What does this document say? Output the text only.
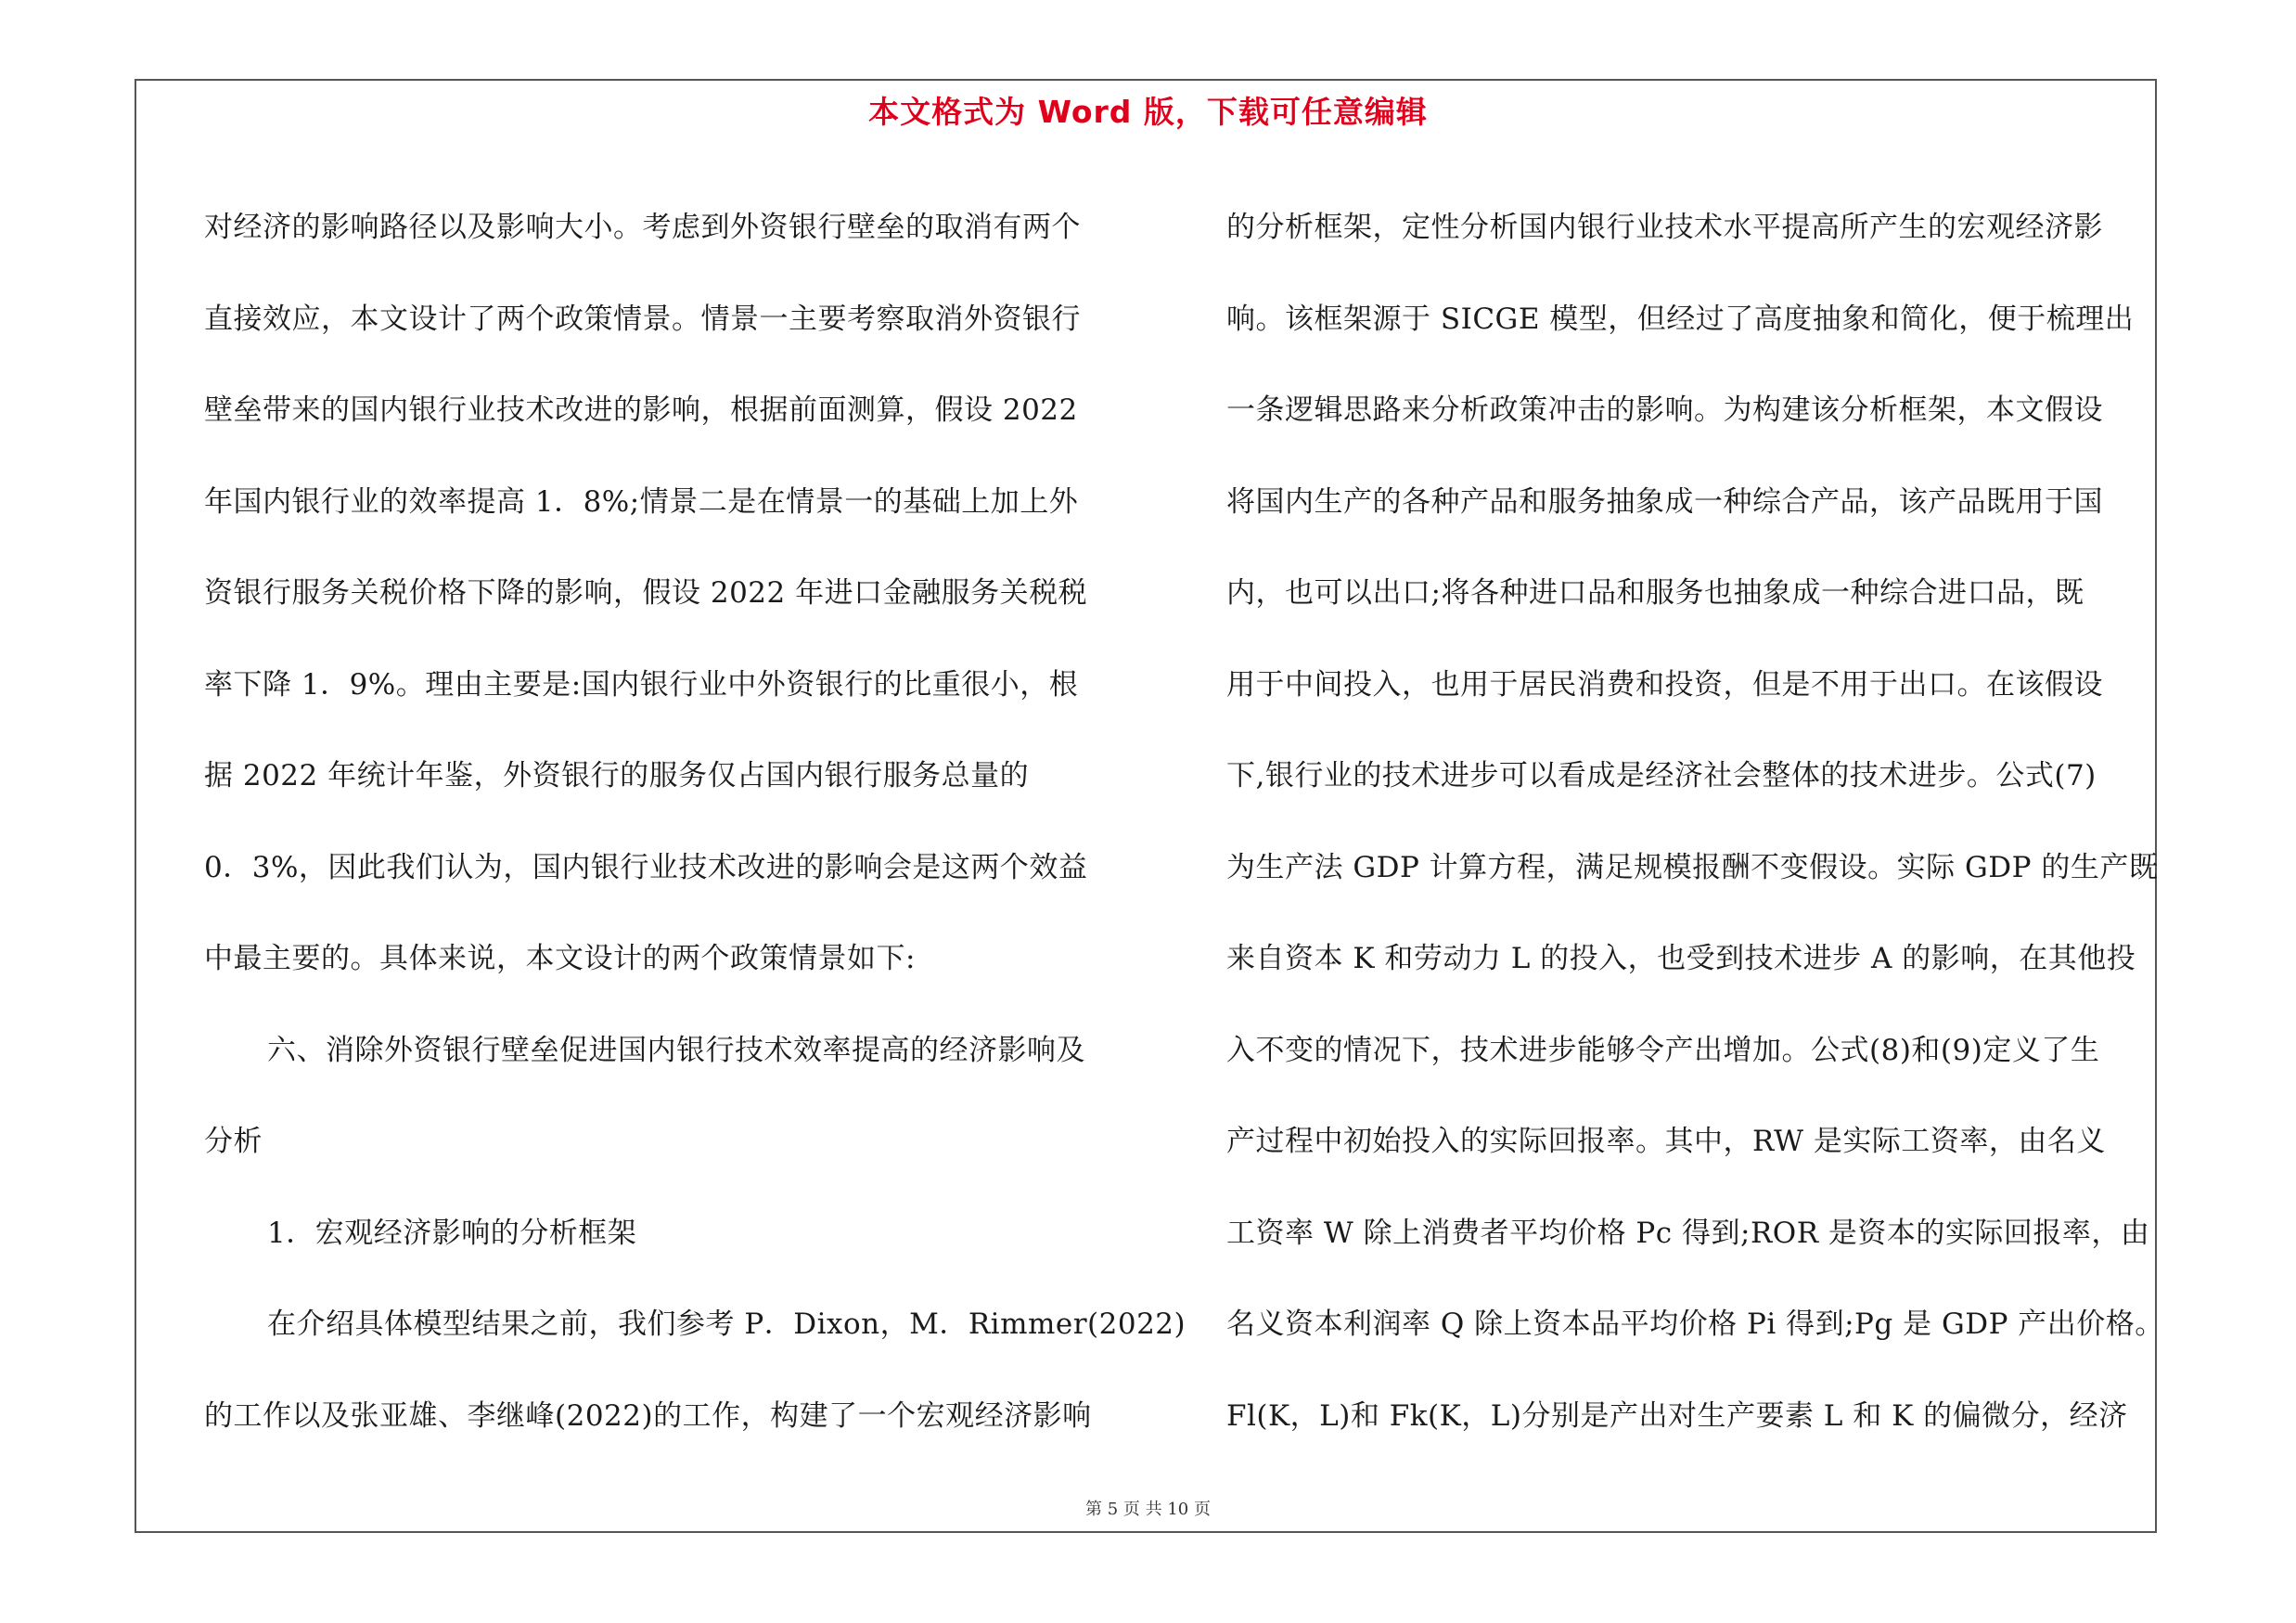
本文格式为 Word 版，下载可任意编辑
对经济的影响路径以及影响大小。考虑到外资银行壁垒的取消有两个
直接效应，本文设计了两个政策情景。情景一主要考察取消外资银行
壁垒带来的国内银行业技术改进的影响，根据前面测算，假设 2022
年国内银行业的效率提高 1．8%;情景二是在情景一的基础上加上外
资银行服务关税价格下降的影响，假设 2022 年进口金融服务关税税
率下降 1．9%。理由主要是:国内银行业中外资银行的比重很小，根
据 2022 年统计年鉴，外资银行的服务仅占国内银行服务总量的
0．3%，因此我们认为，国内银行业技术改进的影响会是这两个效益
中最主要的。具体来说，本文设计的两个政策情景如下:
六、消除外资银行壁垒促进国内银行技术效率提高的经济影响及
分析
1．宏观经济影响的分析框架
在介绍具体模型结果之前，我们参考 P．Dixon，M．Rimmer(2022)
的工作以及张亚雄、李继峰(2022)的工作，构建了一个宏观经济影响
的分析框架，定性分析国内银行业技术水平提高所产生的宏观经济影
响。该框架源于 SICGE 模型，但经过了高度抽象和简化，便于梳理出
一条逻辑思路来分析政策冲击的影响。为构建该分析框架，本文假设
将国内生产的各种产品和服务抽象成一种综合产品，该产品既用于国
内，也可以出口;将各种进口品和服务也抽象成一种综合进口品，既
用于中间投入，也用于居民消费和投资，但是不用于出口。在该假设
下,银行业的技术进步可以看成是经济社会整体的技术进步。公式(7)
为生产法 GDP 计算方程，满足规模报酬不变假设。实际 GDP 的生产既
来自资本 K 和劳动力 L 的投入，也受到技术进步 A 的影响，在其他投
入不变的情况下，技术进步能够令产出增加。公式(8)和(9)定义了生
产过程中初始投入的实际回报率。其中，RW 是实际工资率，由名义
工资率 W 除上消费者平均价格 Pc 得到;ROR 是资本的实际回报率，由
名义资本利润率 Q 除上资本品平均价格 Pi 得到;Pg 是 GDP 产出价格。
Fl(K，L)和 Fk(K，L)分别是产出对生产要素 L 和 K 的偏微分，经济
第 5 页 共 10 页
